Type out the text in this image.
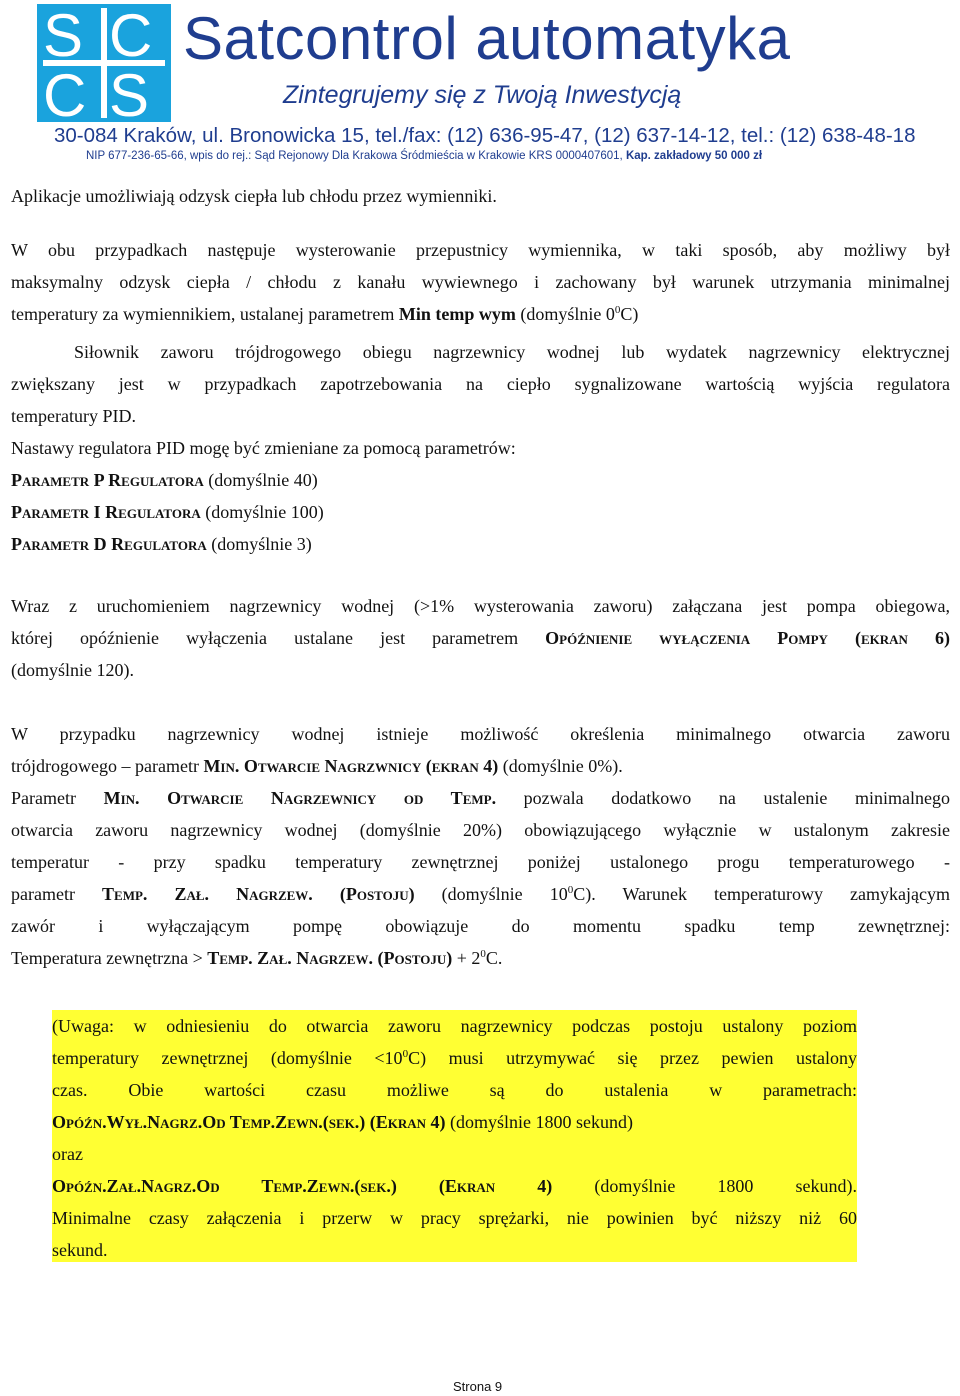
S C
C S
Satcontrol automatyka
Zintegrujemy się z Twoją Inwestycją
30-084 Kraków, ul. Bronowicka 15, tel./fax: (12) 636-95-47, (12) 637-14-12, tel.: (12) 638-48-18
NIP 677-236-65-66, wpis do rej.: Sąd Rejonowy Dla Krakowa Śródmieścia w Krakowie KRS 0000407601, Kap. zakładowy 50 000 zł

Aplikacje umożliwiają odzysk ciepła lub chłodu przez wymienniki.

W obu przypadkach następuje wysterowanie przepustnicy wymiennika, w taki sposób, aby możliwy był
maksymalny odzysk ciepła / chłodu z kanału wywiewnego i zachowany był warunek utrzymania minimalnej
temperatury za wymiennikiem, ustalanej parametrem Min temp wym (domyślnie $0^0C$)

Siłownik zaworu trójdrogowego obiegu nagrzewnicy wodnej lub wydatek nagrzewnicy elektrycznej
zwiększany jest w przypadkach zapotrzebowania na ciepło sygnalizowane wartością wyjścia regulatora
temperatury PID.

Nastawy regulatora PID mogę być zmieniane za pomocą parametrów:
Parametr P Regulatora (domyślnie 40)
Parametr I Regulatora (domyślnie 100)
Parametr D Regulatora (domyślnie 3)

Wraz z uruchomieniem nagrzewnicy wodnej (>1% wysterowania zaworu) załączana jest pompa obiegowa,
której opóźnienie wyłączenia ustalane jest parametrem Opóźnienie wyłączenia Pompy (ekran 6)
(domyślnie 120).

W przypadku nagrzewnicy wodnej istnieje możliwość określenia minimalnego otwarcia zaworu
trójdrogowego – parametr Min. Otwarcie Nagrzwnicy (ekran 4) (domyślnie 0%).
Parametr Min. Otwarcie Nagrzewnicy od Temp. pozwala dodatkowo na ustalenie minimalnego
otwarcia zaworu nagrzewnicy wodnej (domyślnie 20%) obowiązującego wyłącznie w ustalonym zakresie
temperatur - przy spadku temperatury zewnętrznej poniżej ustalonego progu temperaturowego -
parametr Temp. Zał. Nagrzew. (Postoju) (domyślnie $10^0C$). Warunek temperaturowy zamykającym
zawór i wyłączającym pompę obowiązuje do momentu spadku temp zewnętrznej:
Temperatura zewnętrzna > Temp. Zał. Nagrzew. (Postoju) + $2^0C$.

(Uwaga: w odniesieniu do otwarcia zaworu nagrzewnicy podczas postoju ustalony poziom
temperatury zewnętrznej (domyślnie $<10^0C$) musi utrzymywać się przez pewien ustalony
czas. Obie wartości czasu możliwe są do ustalenia w parametrach:
Opóźn.Wył.Nagrz.Od Temp.Zewn.(sek.) (Ekran 4) (domyślnie 1800 sekund)
oraz
Opóźn.Zał.Nagrz.Od Temp.Zewn.(sek.) (Ekran 4) (domyślnie 1800 sekund).
Minimalne czasy załączenia i przerw w pracy sprężarki, nie powinien być niższy niż 60
sekund.
Strona 9
